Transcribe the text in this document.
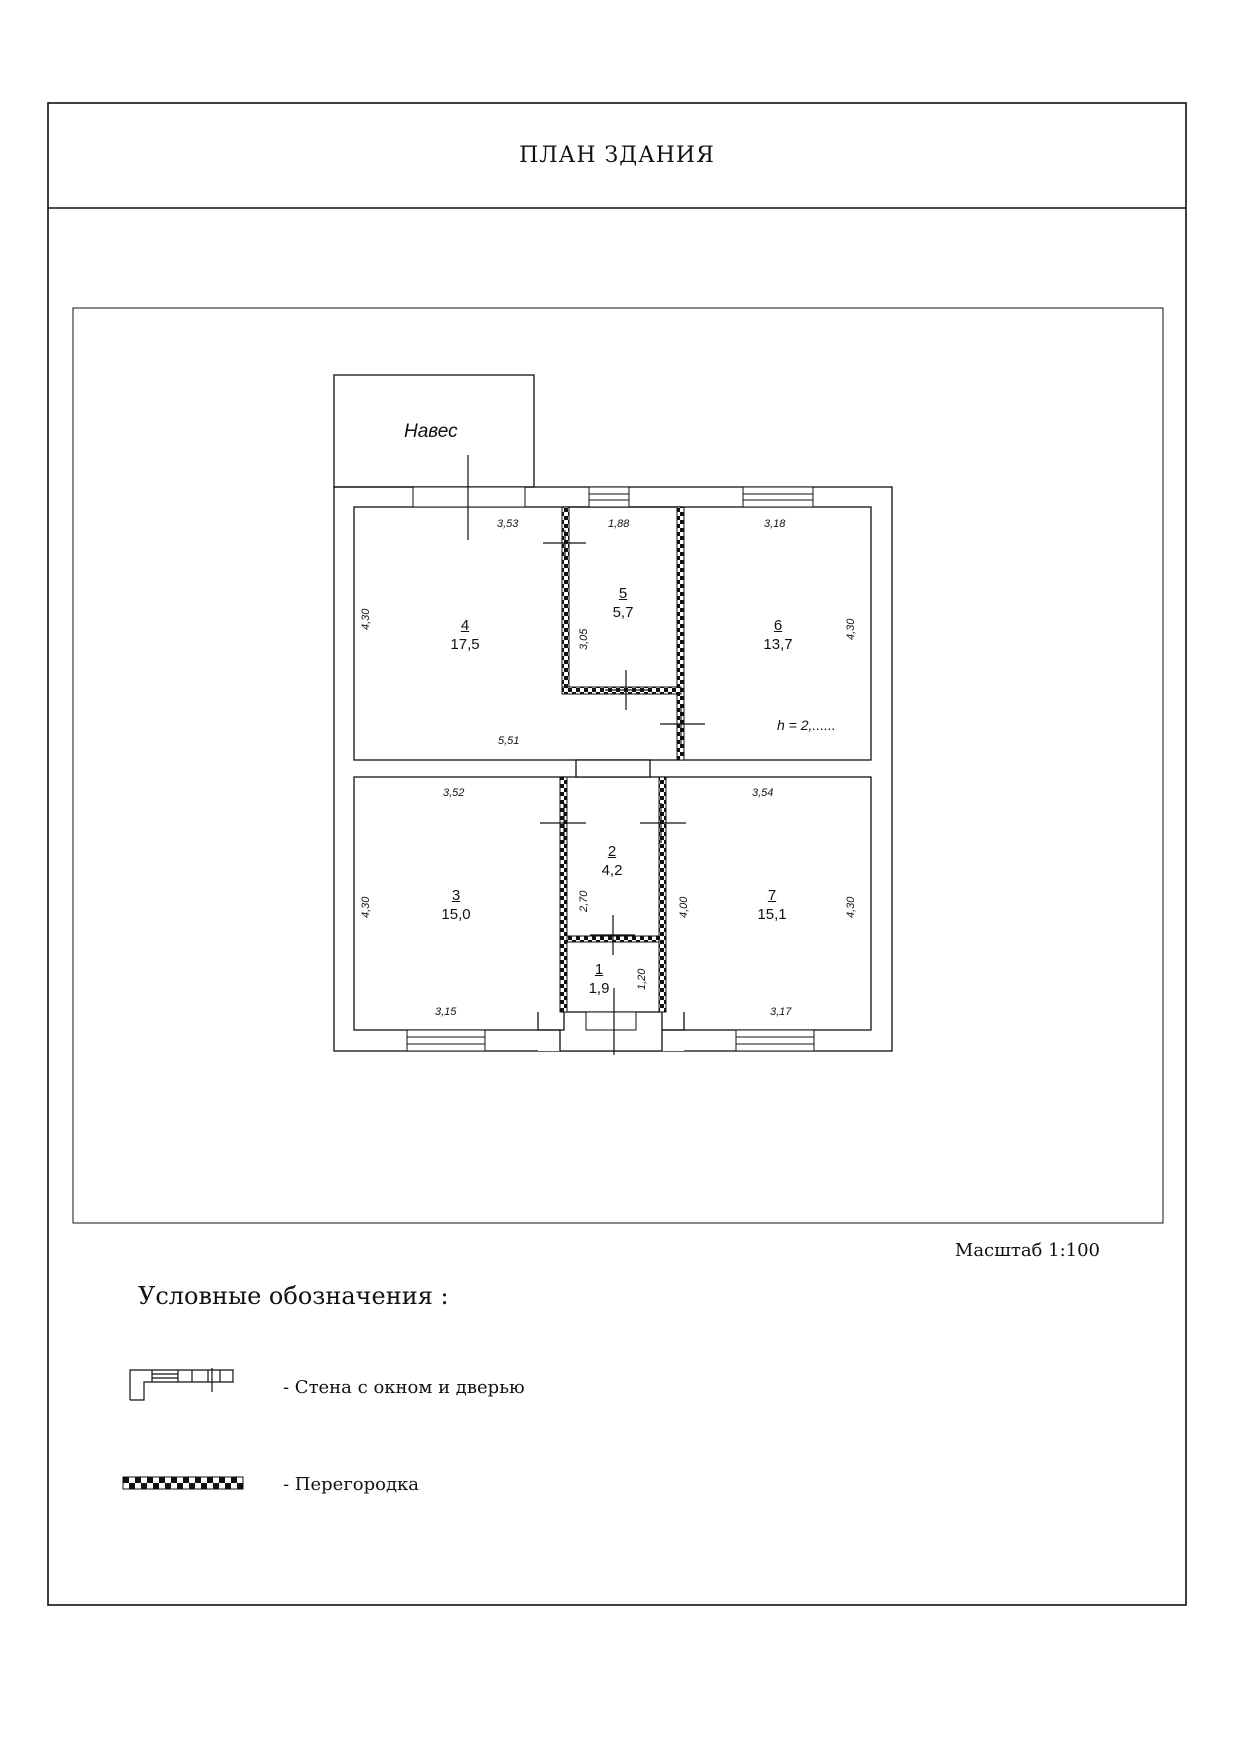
ПЛАН ЗДАНИЯ
Навес
4
17,5
5
5,7
6
13,7
3
15,0
2
4,2
7
15,1
1
1,9
3,53	1,88	3,18
4,30
3,05	4,30
5,51
h = 2,......
3,52	3,54
4,30	2,70	4,00	4,30
1,20
3,15	3,17
Масштаб 1:100
Условные обозначения :
- Стена с окном и дверью
- Перегородка
